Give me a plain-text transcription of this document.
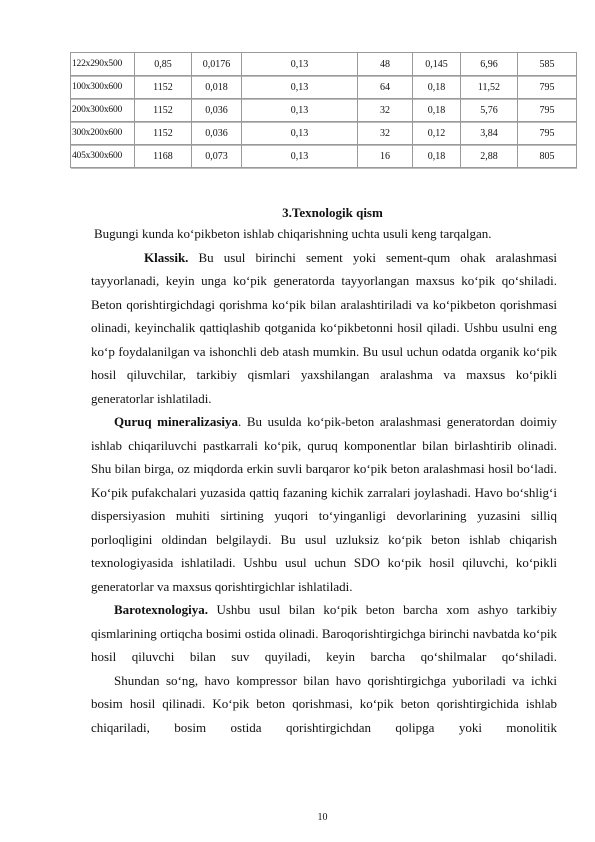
122x290x500	0,85	0,0176	0,13	48	0,145	6,96	585
100x300x600	1152	0,018	0,13	64	0,18	11,52	795
200x300x600	1152	0,036	0,13	32	0,18	5,76	795
300x200x600	1152	0,036	0,13	32	0,12	3,84	795
405x300x600	1168	0,073	0,13	16	0,18	2,88	805
3.Texnologik qism

Bugungi kunda ko‘pikbeton ishlab chiqarishning uchta usuli keng tarqalgan.

Klassik. Bu usul birinchi sement yoki sement-qum ohak aralashmasi tayyorlanadi, keyin unga ko‘pik generatorda tayyorlangan maxsus ko‘pik qo‘shiladi. Beton qorishtirgichdagi qorishma ko‘pik bilan aralashtiriladi va ko‘pikbeton qorishmasi olinadi, keyinchalik qattiqlashib qotganida ko‘pikbetonni hosil qiladi. Ushbu usulni eng ko‘p foydalanilgan va ishonchli deb atash mumkin. Bu usul uchun odatda organik ko‘pik hosil qiluvchilar, tarkibiy qismlari yaxshilangan aralashma va maxsus ko‘pikli generatorlar ishlatiladi.

Quruq mineralizasiya. Bu usulda ko‘pik-beton aralashmasi generatordan doimiy ishlab chiqariluvchi pastkarrali ko‘pik, quruq komponentlar bilan birlashtirib olinadi. Shu bilan birga, oz miqdorda erkin suvli barqaror ko‘pik beton aralashmasi hosil bo‘ladi. Ko‘pik pufakchalari yuzasida qattiq fazaning kichik zarralari joylashadi. Havo bo‘shlig‘i dispersiyasion muhiti sirtining yuqori to‘yinganligi devorlarining yuzasini silliq porloqligini oldindan belgilaydi. Bu usul uzluksiz ko‘pik beton ishlab chiqarish texnologiyasida ishlatiladi. Ushbu usul uchun SDO ko‘pik hosil qiluvchi, ko‘pikli generatorlar va maxsus qorishtirgichlar ishlatiladi.

Barotexnologiya. Ushbu usul bilan ko‘pik beton barcha xom ashyo tarkibiy qismlarining ortiqcha bosimi ostida olinadi. Baroqorishtirgichga birinchi navbatda ko‘pik hosil qiluvchi bilan suv quyiladi, keyin barcha qo‘shilmalar qo‘shiladi.

Shundan so‘ng, havo kompressor bilan havo qorishtirgichga yuboriladi va ichki bosim hosil qilinadi. Ko‘pik beton qorishmasi, ko‘pik beton qorishtirgichida ishlab chiqariladi, bosim ostida qorishtirgichdan qolipga yoki monolitik

10
